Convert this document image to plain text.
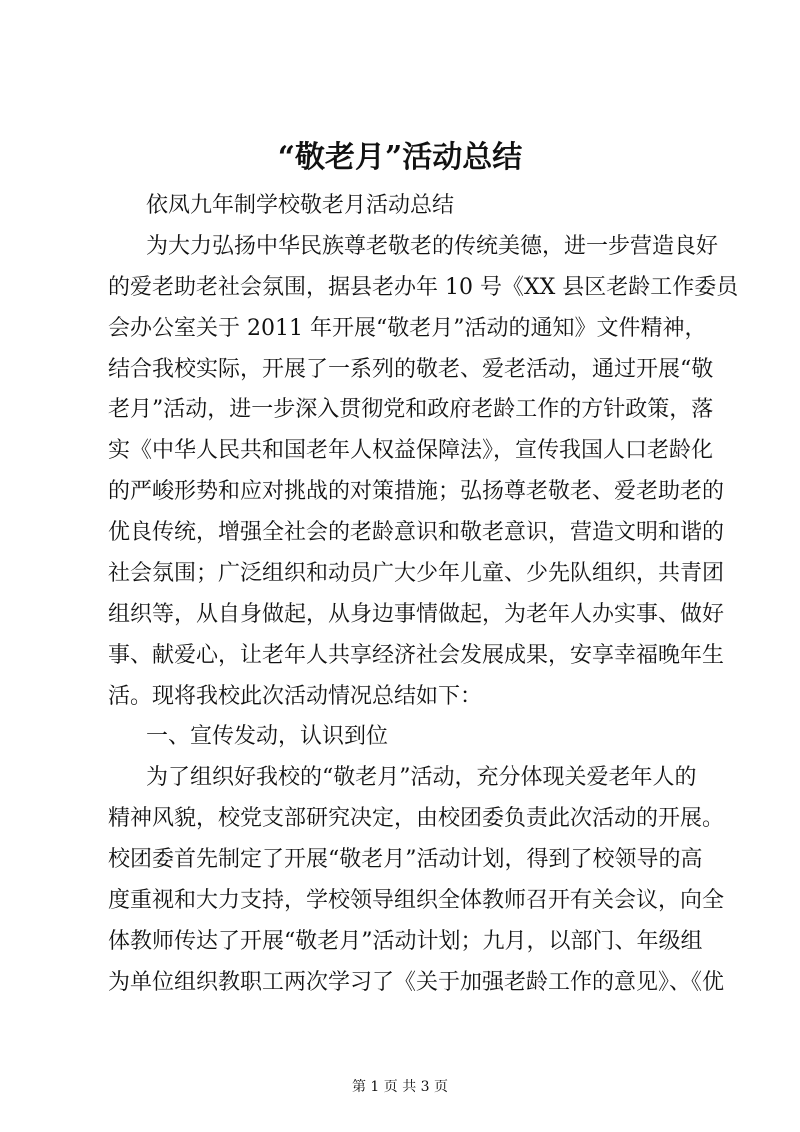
“敬老月”活动总结
依凤九年制学校敬老月活动总结
为大力弘扬中华民族尊老敬老的传统美德，进一步营造良好
的爱老助老社会氛围，据县老办年 10 号《XX 县区老龄工作委员
会办公室关于 2011 年开展“敬老月”活动的通知》文件精神，
结合我校实际，开展了一系列的敬老、爱老活动，通过开展“敬
老月”活动，进一步深入贯彻党和政府老龄工作的方针政策，落
实《中华人民共和国老年人权益保障法》，宣传我国人口老龄化
的严峻形势和应对挑战的对策措施；弘扬尊老敬老、爱老助老的
优良传统，增强全社会的老龄意识和敬老意识，营造文明和谐的
社会氛围；广泛组织和动员广大少年儿童、少先队组织，共青团
组织等，从自身做起，从身边事情做起，为老年人办实事、做好
事、献爱心，让老年人共享经济社会发展成果，安享幸福晚年生
活。现将我校此次活动情况总结如下：
一、宣传发动，认识到位
为了组织好我校的“敬老月”活动，充分体现关爱老年人的
精神风貌，校党支部研究决定，由校团委负责此次活动的开展。
校团委首先制定了开展“敬老月”活动计划，得到了校领导的高
度重视和大力支持，学校领导组织全体教师召开有关会议，向全
体教师传达了开展“敬老月”活动计划；九月，以部门、年级组
为单位组织教职工两次学习了《关于加强老龄工作的意见》、《优
第 1 页 共 3 页
